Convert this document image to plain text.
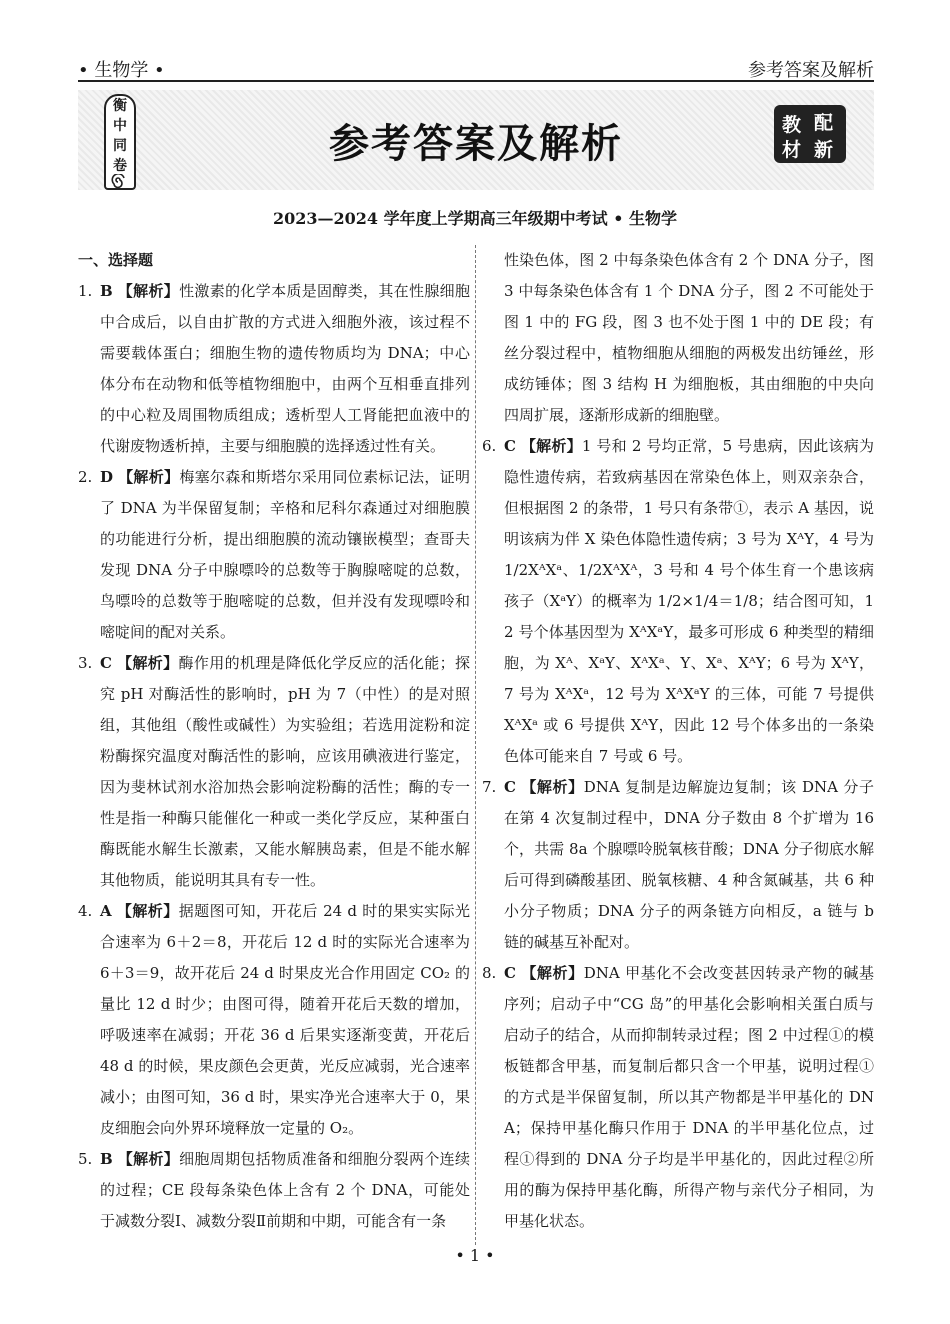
• 生物学 •	参考答案及解析
衡
中
同
卷	参考答案及解析	教 配
材 新
2023—2024 学年度上学期高三年级期中考试 • 生物学
一、选择题
1. B 【解析】性激素的化学本质是固醇类，其在性腺细胞中合成后，以自由扩散的方式进入细胞外液，该过程不需要载体蛋白；细胞生物的遗传物质均为 DNA；中心体分布在动物和低等植物细胞中，由两个互相垂直排列的中心粒及周围物质组成；透析型人工肾能把血液中的代谢废物透析掉，主要与细胞膜的选择透过性有关。
2. D 【解析】梅塞尔森和斯塔尔采用同位素标记法，证明了 DNA 为半保留复制；辛格和尼科尔森通过对细胞膜的功能进行分析，提出细胞膜的流动镶嵌模型；查哥夫发现 DNA 分子中腺嘌呤的总数等于胸腺嘧啶的总数，鸟嘌呤的总数等于胞嘧啶的总数，但并没有发现嘌呤和嘧啶间的配对关系。
3. C 【解析】酶作用的机理是降低化学反应的活化能；探究 pH 对酶活性的影响时，pH 为 7（中性）的是对照组，其他组（酸性或碱性）为实验组；若选用淀粉和淀粉酶探究温度对酶活性的影响，应该用碘液进行鉴定，因为斐林试剂水浴加热会影响淀粉酶的活性；酶的专一性是指一种酶只能催化一种或一类化学反应，某种蛋白酶既能水解生长激素，又能水解胰岛素，但是不能水解其他物质，能说明其具有专一性。
4. A 【解析】据题图可知，开花后 24 d 时的果实实际光合速率为 6＋2＝8，开花后 12 d 时的实际光合速率为 6＋3＝9，故开花后 24 d 时果皮光合作用固定 CO₂ 的量比 12 d 时少；由图可得，随着开花后天数的增加，呼吸速率在减弱；开花 36 d 后果实逐渐变黄，开花后 48 d 的时候，果皮颜色会更黄，光反应减弱，光合速率减小；由图可知，36 d 时，果实净光合速率大于 0，果皮细胞会向外界环境释放一定量的 O₂。
5. B 【解析】细胞周期包括物质准备和细胞分裂两个连续的过程；CE 段每条染色体上含有 2 个 DNA，可能处于减数分裂Ⅰ、减数分裂Ⅱ前期和中期，可能含有一条
性染色体，图 2 中每条染色体含有 2 个 DNA 分子，图 3 中每条染色体含有 1 个 DNA 分子，图 2 不可能处于图 1 中的 FG 段，图 3 也不处于图 1 中的 DE 段；有丝分裂过程中，植物细胞从细胞的两极发出纺锤丝，形成纺锤体；图 3 结构 H 为细胞板，其由细胞的中央向四周扩展，逐渐形成新的细胞壁。
6. C 【解析】1 号和 2 号均正常，5 号患病，因此该病为隐性遗传病，若致病基因在常染色体上，则双亲杂合，但根据图 2 的条带，1 号只有条带①，表示 A 基因，说明该病为伴 X 染色体隐性遗传病；3 号为 XᴬY，4 号为 1/2XᴬXᵃ、1/2XᴬXᴬ，3 号和 4 号个体生育一个患该病孩子（XᵃY）的概率为 1/2×1/4＝1/8；结合图可知，12 号个体基因型为 XᴬXᵃY，最多可形成 6 种类型的精细胞，为 Xᴬ、XᵃY、XᴬXᵃ、Y、Xᵃ、XᴬY；6 号为 XᴬY，7 号为 XᴬXᵃ，12 号为 XᴬXᵃY 的三体，可能 7 号提供 XᴬXᵃ 或 6 号提供 XᴬY，因此 12 号个体多出的一条染色体可能来自 7 号或 6 号。
7. C 【解析】DNA 复制是边解旋边复制；该 DNA 分子在第 4 次复制过程中，DNA 分子数由 8 个扩增为 16 个，共需 8a 个腺嘌呤脱氧核苷酸；DNA 分子彻底水解后可得到磷酸基团、脱氧核糖、4 种含氮碱基，共 6 种小分子物质；DNA 分子的两条链方向相反，a 链与 b 链的碱基互补配对。
8. C 【解析】DNA 甲基化不会改变甚因转录产物的碱基序列；启动子中“CG 岛”的甲基化会影响相关蛋白质与启动子的结合，从而抑制转录过程；图 2 中过程①的模板链都含甲基，而复制后都只含一个甲基，说明过程①的方式是半保留复制，所以其产物都是半甲基化的 DNA；保持甲基化酶只作用于 DNA 的半甲基化位点，过程①得到的 DNA 分子均是半甲基化的，因此过程②所用的酶为保持甲基化酶，所得产物与亲代分子相同，为甲基化状态。
• 1 •
